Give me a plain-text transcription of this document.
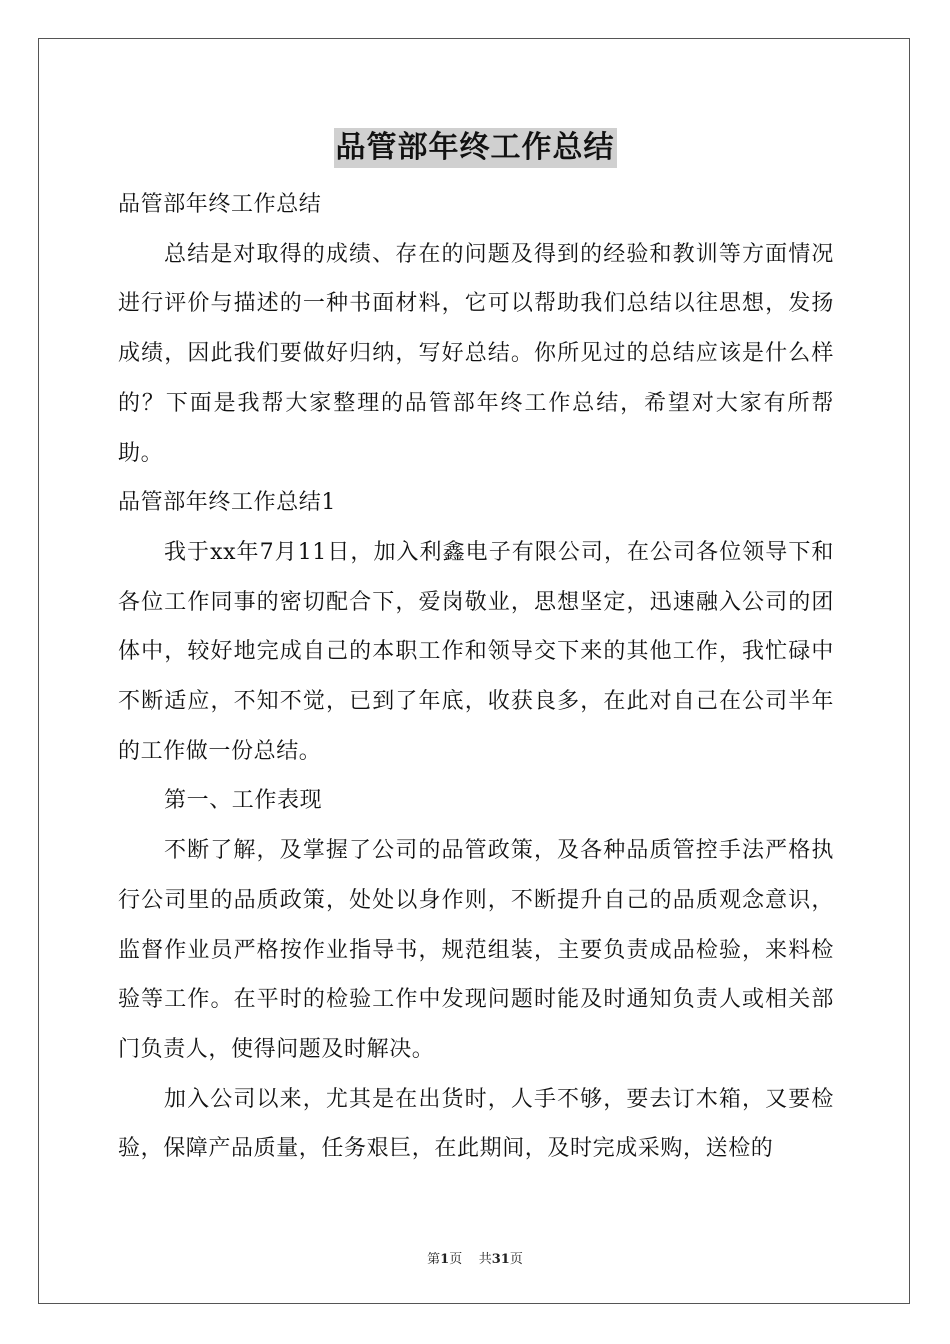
品管部年终工作总结

品管部年终工作总结

总结是对取得的成绩、存在的问题及得到的经验和教训等方面情况进行评价与描述的一种书面材料，它可以帮助我们总结以往思想，发扬成绩，因此我们要做好归纳，写好总结。你所见过的总结应该是什么样的？下面是我帮大家整理的品管部年终工作总结，希望对大家有所帮助。

品管部年终工作总结1

我于xx年7月11日，加入利鑫电子有限公司，在公司各位领导下和各位工作同事的密切配合下，爱岗敬业，思想坚定，迅速融入公司的团体中，较好地完成自己的本职工作和领导交下来的其他工作，我忙碌中不断适应，不知不觉，已到了年底，收获良多，在此对自己在公司半年的工作做一份总结。

第一、工作表现

不断了解，及掌握了公司的品管政策，及各种品质管控手法严格执行公司里的品质政策，处处以身作则，不断提升自己的品质观念意识，监督作业员严格按作业指导书，规范组装，主要负责成品检验，来料检验等工作。在平时的检验工作中发现问题时能及时通知负责人或相关部门负责人，使得问题及时解决。

加入公司以来，尤其是在出货时，人手不够，要去订木箱，又要检验，保障产品质量，任务艰巨，在此期间，及时完成采购，送检的

第1页 共31页
